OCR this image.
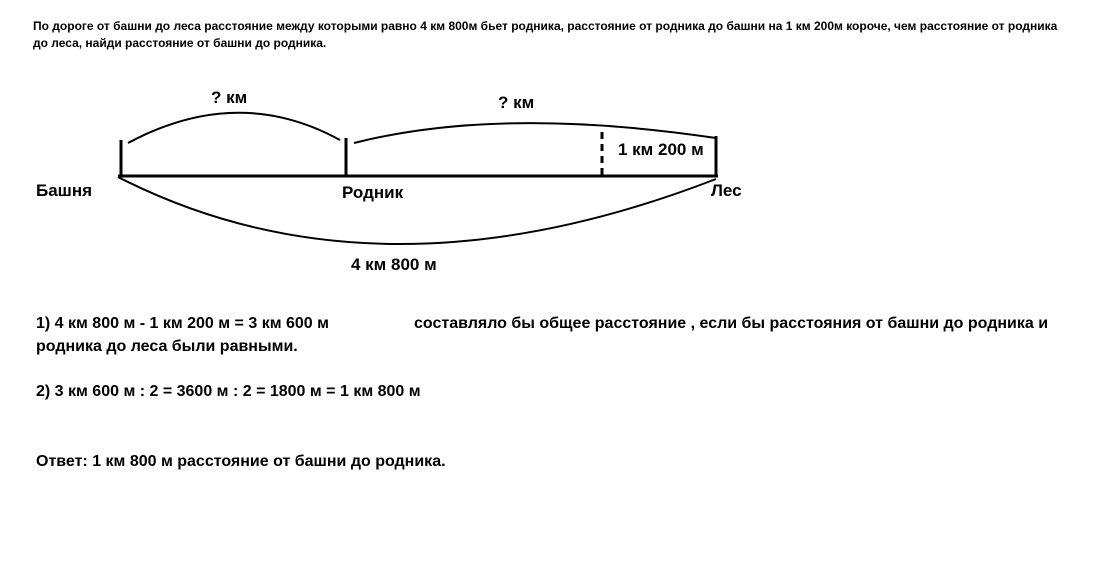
По дороге от башни до леса расстояние между которыми равно 4 км 800м бьет родника, расстояние от родника до башни на 1 км 200м короче, чем расстояние от родника до леса, найди расстояние от башни до родника.
? км	? км
1 км 200 м
Башня	Родник	Лес
4 км 800 м
1) 4 км 800 м - 1 км 200 м = 3 км 600 м	составляло бы общее расстояние , если бы расстояния от башни до родника и
родника до леса были равными.
2) 3 км 600 м : 2 = 3600 м : 2 = 1800 м = 1 км 800 м
Ответ: 1 км 800 м расстояние от башни до родника.
